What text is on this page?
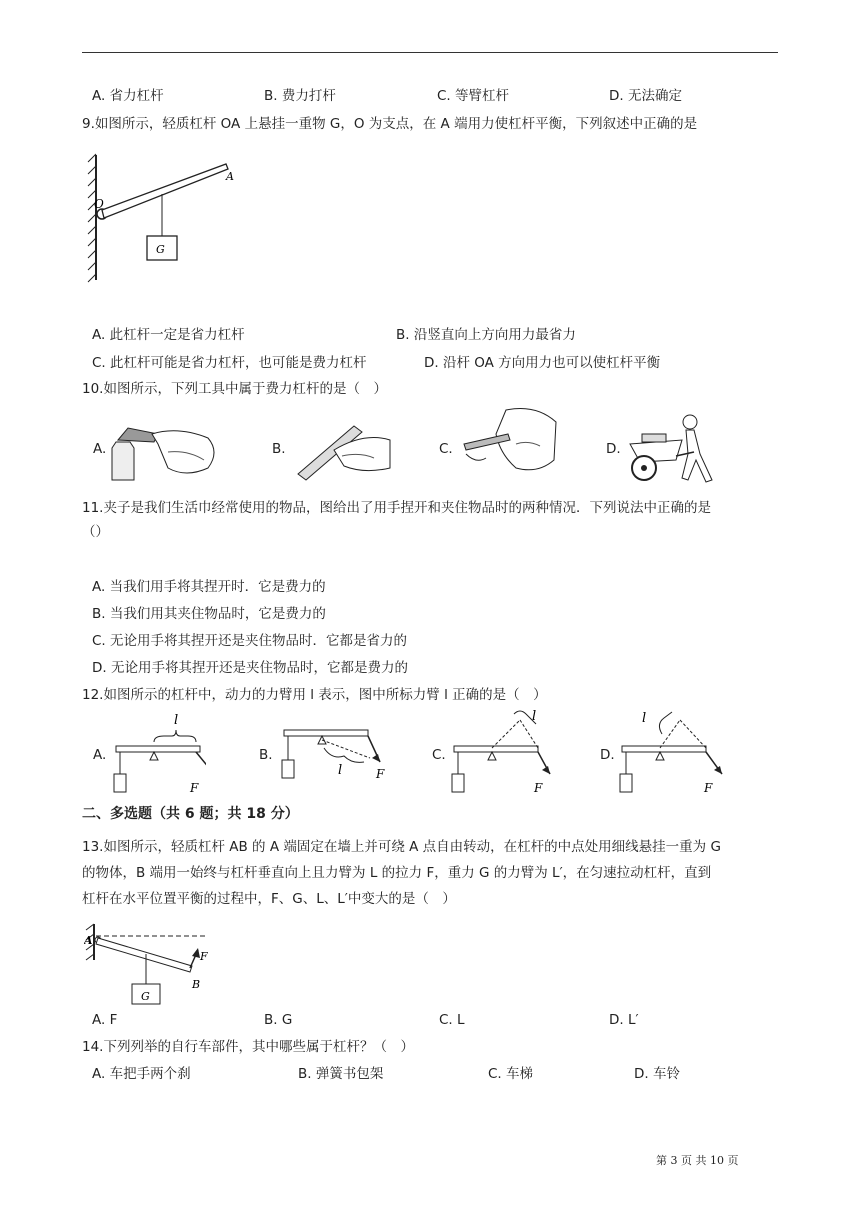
A. 省力杠杆	B. 费力打杆	C. 等臂杠杆	D. 无法确定
9.如图所示，轻质杠杆 OA 上悬挂一重物 G，O 为支点，在 A 端用力使杠杆平衡，下列叙述中正确的是
O
A
G
A. 此杠杆一定是省力杠杆	B. 沿竖直向上方向用力最省力
C. 此杠杆可能是省力杠杆，也可能是费力杠杆	D. 沿杆 OA 方向用力也可以使杠杆平衡
10.如图所示，下列工具中属于费力杠杆的是（　）
A.	B.	C.	D.
11.夹子是我们生活巾经常使用的物品，图给出了用手捏开和夹住物品时的两种情况．下列说法中正确的是
（）
A. 当我们用手将其捏开时．它是费力的
B. 当我们用其夹住物品时，它是费力的
C. 无论用手将其捏开还是夹住物品时．它都是省力的
D. 无论用手将其捏开还是夹住物品时，它都是费力的
12.如图所示的杠杆中，动力的力臂用 l 表示，图中所标力臂 l 正确的是（　）
A.
l
F
B.
l	F
C.
l
F
D.
l
F
二、多选题（共 6 题；共 18 分）
13.如图所示，轻质杠杆 AB 的 A 端固定在墙上并可绕 A 点自由转动，在杠杆的中点处用细线悬挂一重为 G
的物体，B 端用一始终与杠杆垂直向上且力臂为 L 的拉力 F，重力 G 的力臂为 L′，在匀速拉动杠杆，直到
杠杆在水平位置平衡的过程中，F、G、L、L′中变大的是（　）
A
B
F
G
A. F	B. G	C. L	D. L′
14.下列列举的自行车部件，其中哪些属于杠杆？（　）
A. 车把手两个刹	B. 弹簧书包架	C. 车梯	D. 车铃
第 3 页 共 10 页
